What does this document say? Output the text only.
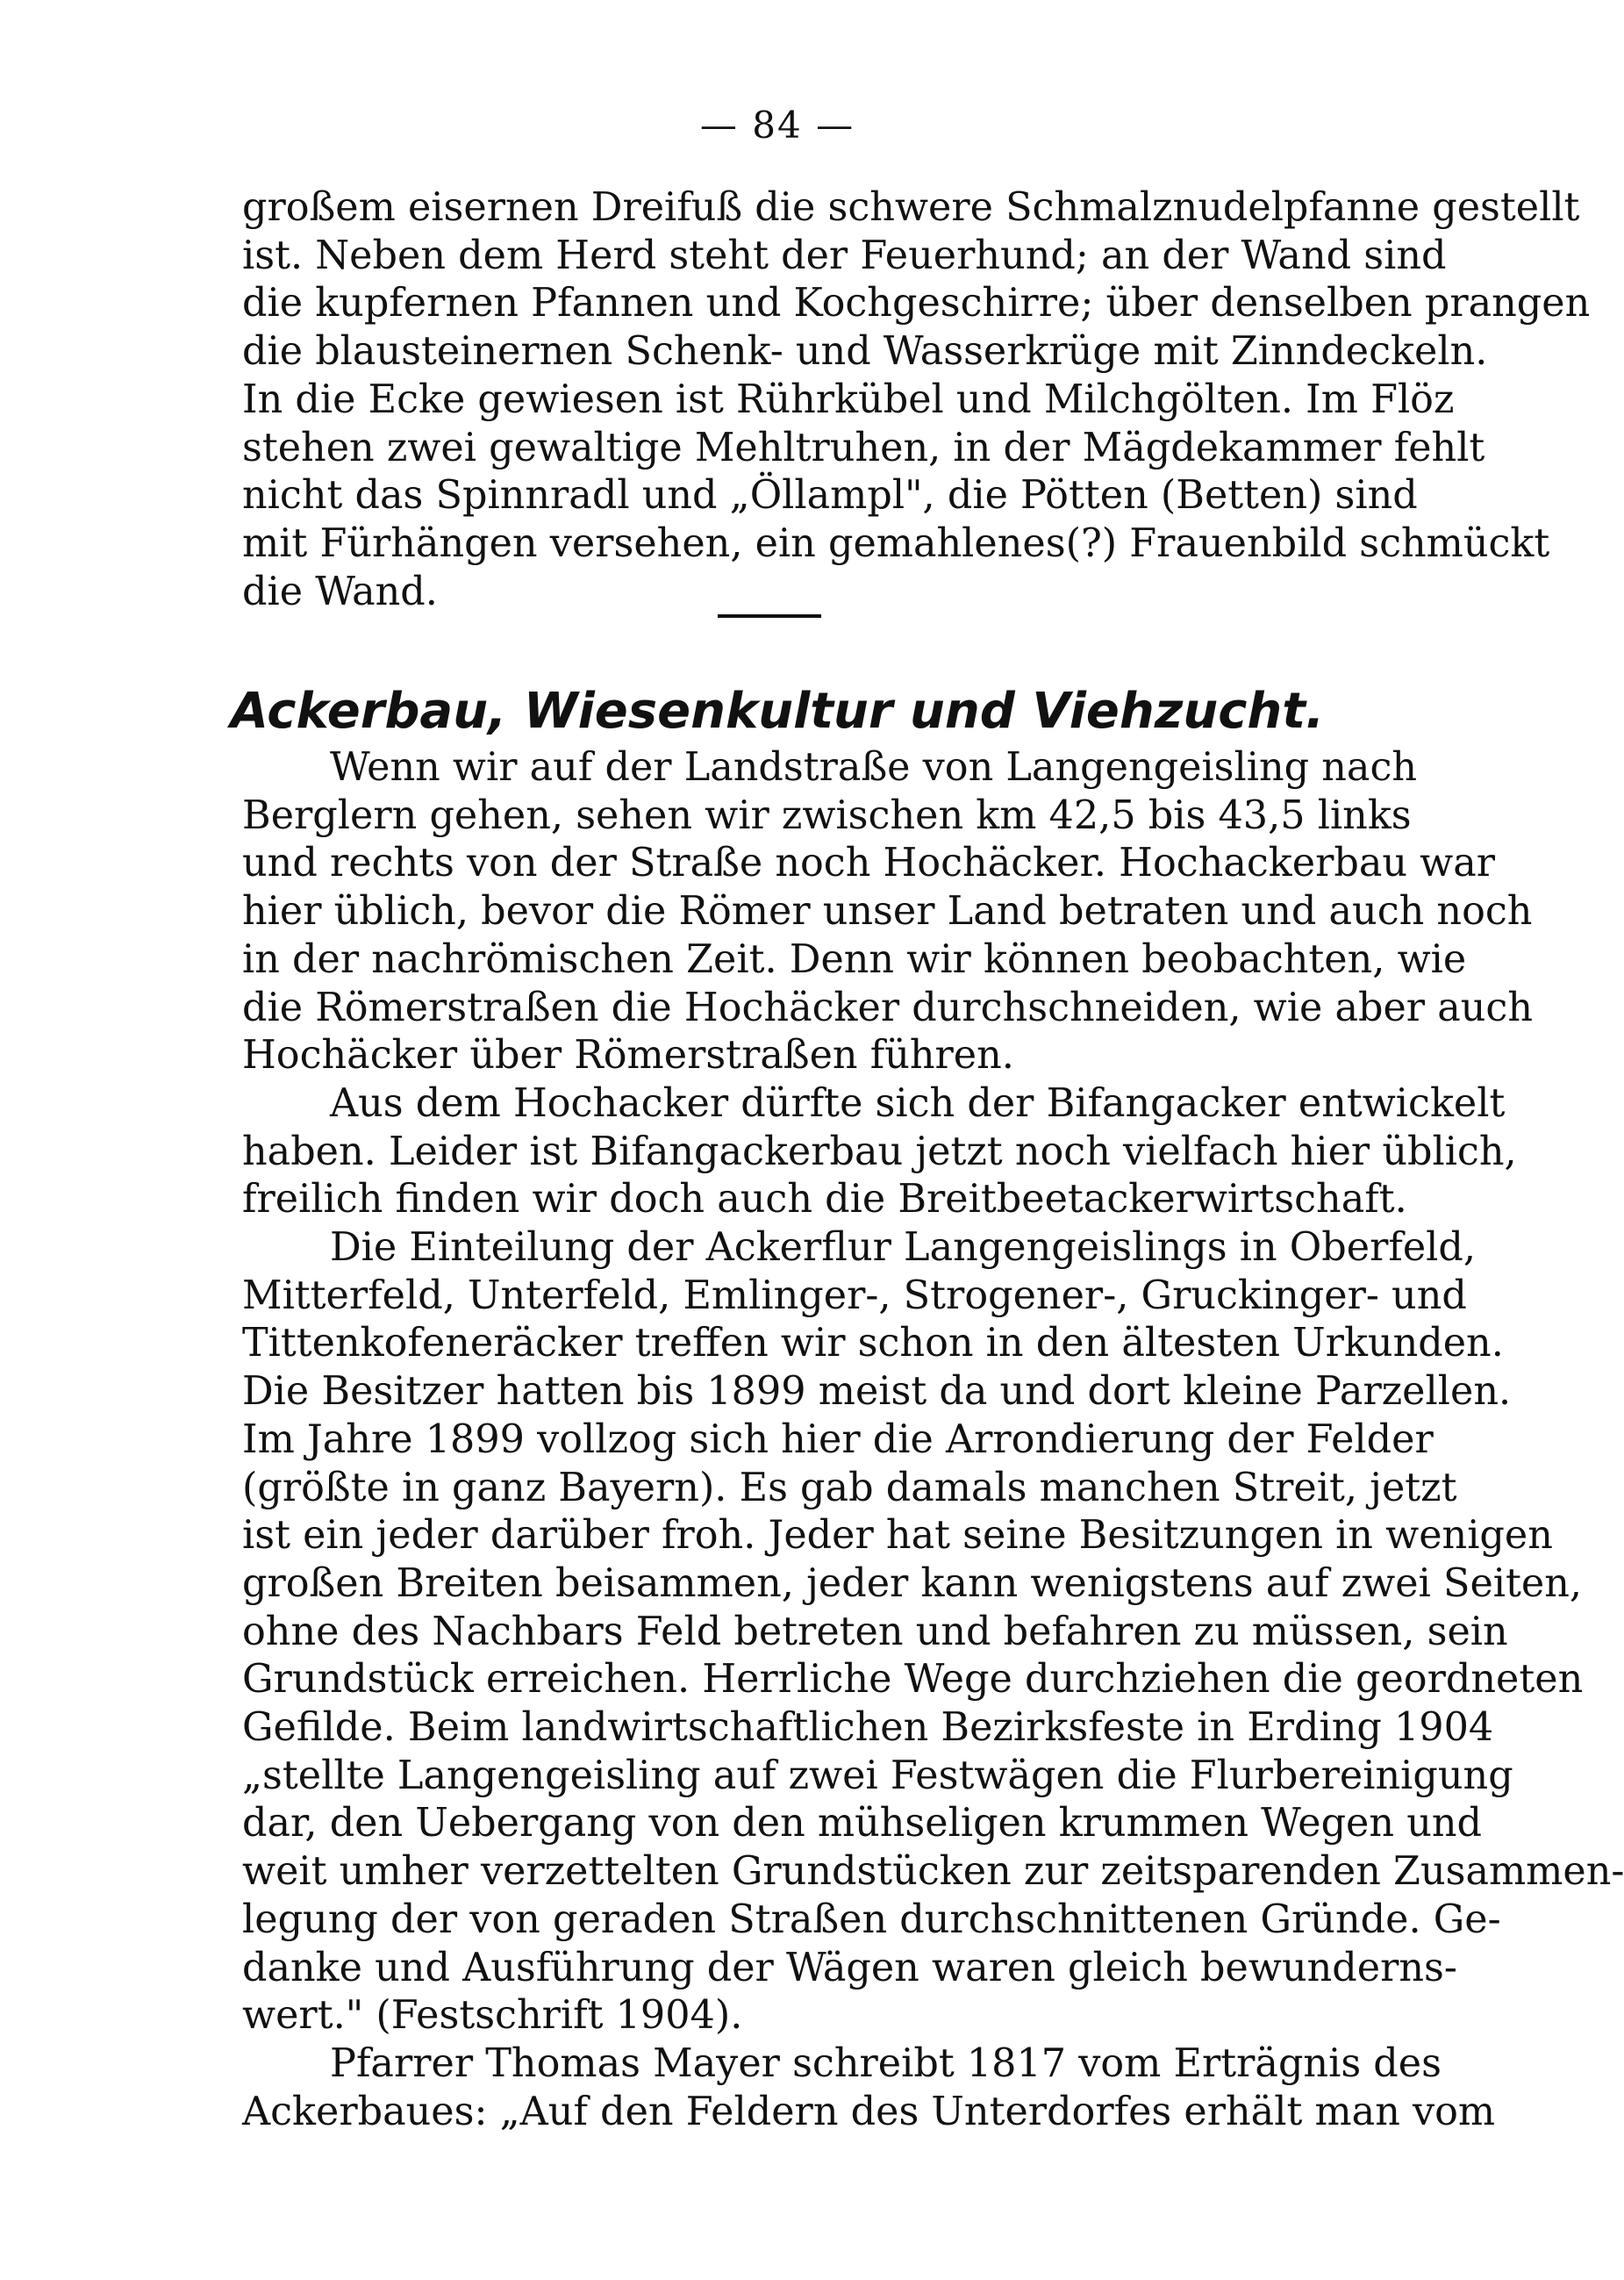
— 84 —
großem eisernen Dreifuß die schwere Schmalznudelpfanne gestellt
ist. Neben dem Herd steht der Feuerhund; an der Wand sind
die kupfernen Pfannen und Kochgeschirre; über denselben prangen
die blausteinernen Schenk- und Wasserkrüge mit Zinndeckeln.
In die Ecke gewiesen ist Rührkübel und Milchgölten. Im Flöz
stehen zwei gewaltige Mehltruhen, in der Mägdekammer fehlt
nicht das Spinnradl und „Öllampl", die Pötten (Betten) sind
mit Fürhängen versehen, ein gemahlenes(?) Frauenbild schmückt
die Wand.
Ackerbau, Wiesenkultur und Viehzucht.
Wenn wir auf der Landstraße von Langengeisling nach
Berglern gehen, sehen wir zwischen km 42,5 bis 43,5 links
und rechts von der Straße noch Hochäcker. Hochackerbau war
hier üblich, bevor die Römer unser Land betraten und auch noch
in der nachrömischen Zeit. Denn wir können beobachten, wie
die Römerstraßen die Hochäcker durchschneiden, wie aber auch
Hochäcker über Römerstraßen führen.
Aus dem Hochacker dürfte sich der Bifangacker entwickelt
haben. Leider ist Bifangackerbau jetzt noch vielfach hier üblich,
freilich finden wir doch auch die Breitbeetackerwirtschaft.
Die Einteilung der Ackerflur Langengeislings in Oberfeld,
Mitterfeld, Unterfeld, Emlinger-, Strogener-, Gruckinger- und
Tittenkofeneräcker treffen wir schon in den ältesten Urkunden.
Die Besitzer hatten bis 1899 meist da und dort kleine Parzellen.
Im Jahre 1899 vollzog sich hier die Arrondierung der Felder
(größte in ganz Bayern). Es gab damals manchen Streit, jetzt
ist ein jeder darüber froh. Jeder hat seine Besitzungen in wenigen
großen Breiten beisammen, jeder kann wenigstens auf zwei Seiten,
ohne des Nachbars Feld betreten und befahren zu müssen, sein
Grundstück erreichen. Herrliche Wege durchziehen die geordneten
Gefilde. Beim landwirtschaftlichen Bezirksfeste in Erding 1904
„stellte Langengeisling auf zwei Festwägen die Flurbereinigung
dar, den Uebergang von den mühseligen krummen Wegen und
weit umher verzettelten Grundstücken zur zeitsparenden Zusammen-
legung der von geraden Straßen durchschnittenen Gründe. Ge-
danke und Ausführung der Wägen waren gleich bewunderns-
wert." (Festschrift 1904).
Pfarrer Thomas Mayer schreibt 1817 vom Erträgnis des
Ackerbaues: „Auf den Feldern des Unterdorfes erhält man vom
